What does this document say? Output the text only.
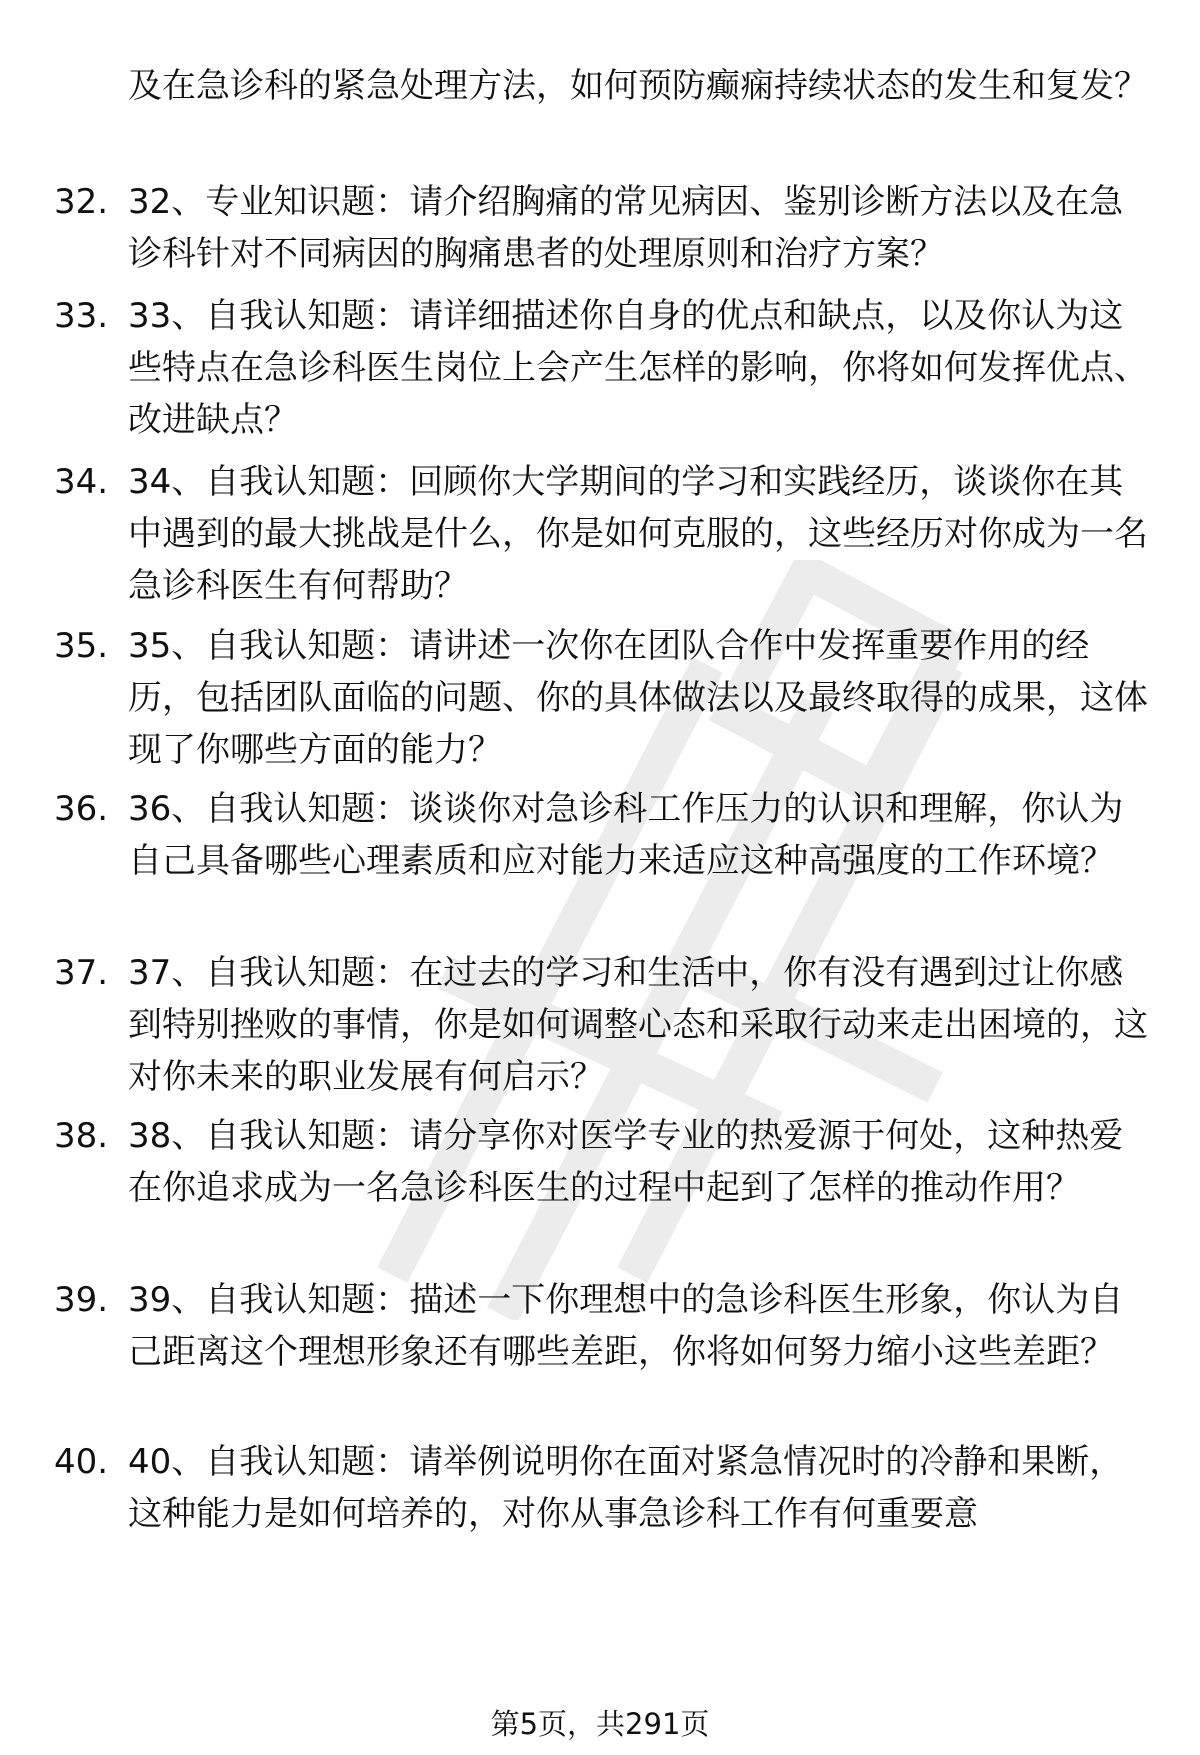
及在急诊科的紧急处理方法，如何预防癫痫持续状态的发生和复发？

32. 32、专业知识题：请介绍胸痛的常见病因、鉴别诊断方法以及在急诊科针对不同病因的胸痛患者的处理原则和治疗方案？

33. 33、自我认知题：请详细描述你自身的优点和缺点，以及你认为这些特点在急诊科医生岗位上会产生怎样的影响，你将如何发挥优点、改进缺点？

34. 34、自我认知题：回顾你大学期间的学习和实践经历，谈谈你在其中遇到的最大挑战是什么，你是如何克服的，这些经历对你成为一名急诊科医生有何帮助？

35. 35、自我认知题：请讲述一次你在团队合作中发挥重要作用的经历，包括团队面临的问题、你的具体做法以及最终取得的成果，这体现了你哪些方面的能力？

36. 36、自我认知题：谈谈你对急诊科工作压力的认识和理解，你认为自己具备哪些心理素质和应对能力来适应这种高强度的工作环境？

37. 37、自我认知题：在过去的学习和生活中，你有没有遇到过让你感到特别挫败的事情，你是如何调整心态和采取行动来走出困境的，这对你未来的职业发展有何启示？

38. 38、自我认知题：请分享你对医学专业的热爱源于何处，这种热爱在你追求成为一名急诊科医生的过程中起到了怎样的推动作用？

39. 39、自我认知题：描述一下你理想中的急诊科医生形象，你认为自己距离这个理想形象还有哪些差距，你将如何努力缩小这些差距？

40. 40、自我认知题：请举例说明你在面对紧急情况时的冷静和果断，这种能力是如何培养的，对你从事急诊科工作有何重要意

第5页，共291页
